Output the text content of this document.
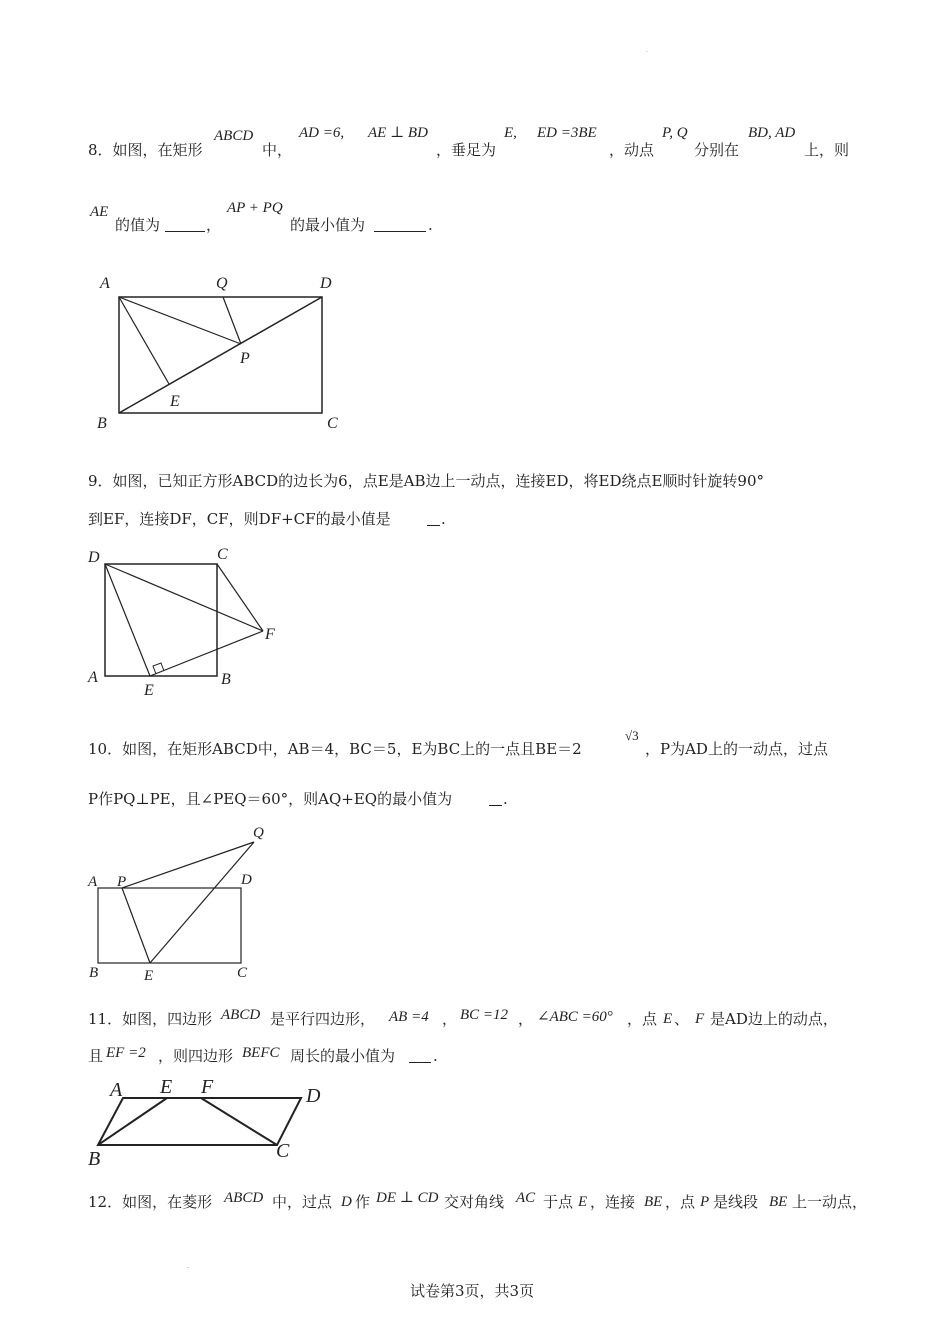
.
.
8．如图，在矩形
ABCD
中，
AD =6, AE ⊥ BD
，垂足为
E, ED =3BE
，动点
P, Q
分别在
BD, AD
上，则
AE
的值为	，
AP + PQ
的最小值为	.
A	Q	D
P
E
B	C
9．如图，已知正方形ABCD的边长为6，点E是AB边上一动点，连接ED，将ED绕点E顺时针旋转90°
到EF，连接DF，CF，则DF+CF的最小值是	.
D	C
F
A
E
B
10．如图，在矩形ABCD中，AB＝4，BC＝5，E为BC上的一点且BE＝2
√3
，P为AD上的一动点，过点
P作PQ⊥PE，且∠PEQ＝60°，则AQ+EQ的最小值为	.
Q
A P	D
B	E	C
11．如图，四边形 ABCD 是平行四边形， AB =4 ， BC =12 ， ∠ABC =60° ，点 E 、 F 是AD边上的动点，
且 EF =2 ，则四边形 BEFC 周长的最小值为	.
A E F	D
B	C
12．如图，在菱形 ABCD 中，过点 D 作 DE ⊥ CD 交对角线 AC 于点 E ，连接 BE ，点 P 是线段 BE 上一动点，
试卷第3页，共3页
